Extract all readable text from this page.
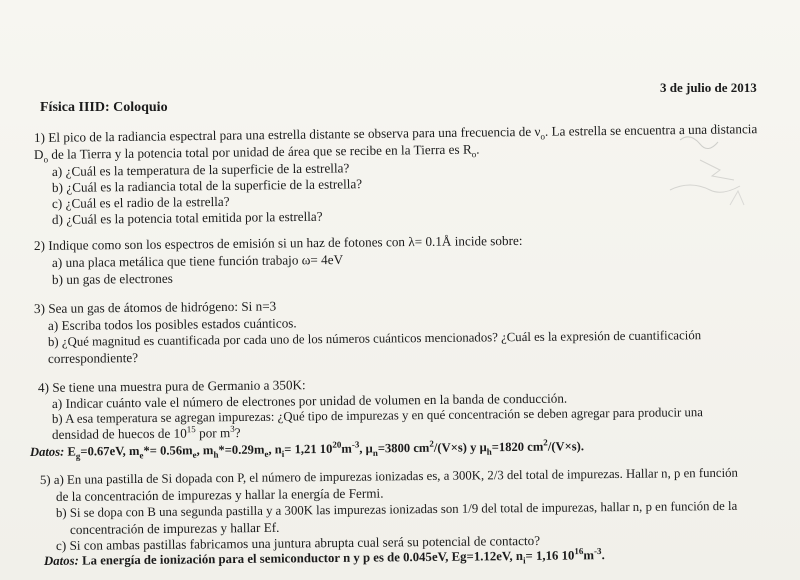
3 de julio de 2013
Física IIID: Coloquio
1) El pico de la radiancia espectral para una estrella distante se observa para una frecuencia de $\nu_o$. La estrella se encuentra a una distancia
$D_o$ de la Tierra y la potencia total por unidad de área que se recibe en la Tierra es $R_o$.
a) ¿Cuál es la temperatura de la superficie de la estrella?
b) ¿Cuál es la radiancia total de la superficie de la estrella?
c) ¿Cuál es el radio de la estrella?
d) ¿Cuál es la potencia total emitida por la estrella?
2) Indique como son los espectros de emisión si un haz de fotones con λ= 0.1Å incide sobre:
a) una placa metálica que tiene función trabajo ω= 4eV
b) un gas de electrones
3) Sea un gas de átomos de hidrógeno: Si n=3
a) Escriba todos los posibles estados cuánticos.
b) ¿Qué magnitud es cuantificada por cada uno de los números cuánticos mencionados? ¿Cuál es la expresión de cuantificación
correspondiente?
4) Se tiene una muestra pura de Germanio a 350K:
a) Indicar cuánto vale el número de electrones por unidad de volumen en la banda de conducción.
b) A esa temperatura se agregan impurezas: ¿Qué tipo de impurezas y en qué concentración se deben agregar para producir una
densidad de huecos de $10^{15}$ por $m^3$?
Datos: $E_g=0.67eV$, $m_e*= 0.56m_e$, $m_h*=0.29m_e$, $n_i= 1,21$ $10^{20}m^{-3}$, $\mu_n=3800$ $cm^2/(V\times s)$ y $\mu_h=1820$ $cm^2/(V\times s)$.
5) a) En una pastilla de Si dopada con P, el número de impurezas ionizadas es, a 300K, 2/3 del total de impurezas. Hallar n, p en función
de la concentración de impurezas y hallar la energía de Fermi.
b) Si se dopa con B una segunda pastilla y a 300K las impurezas ionizadas son 1/9 del total de impurezas, hallar n, p en función de la
concentración de impurezas y hallar Ef.
c) Si con ambas pastillas fabricamos una juntura abrupta cual será su potencial de contacto?
Datos: La energía de ionización para el semiconductor n y p es de 0.045eV, Eg=1.12eV, $n_i= 1,16$ $10^{16}m^{-3}$.
